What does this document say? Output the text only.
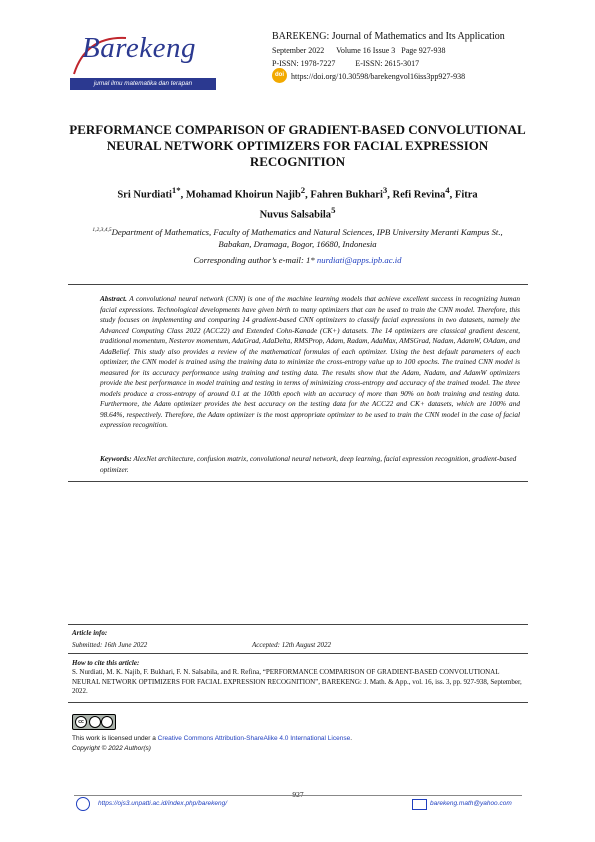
Barekeng
jurnal ilmu matematika dan terapan
BAREKENG: Journal of Mathematics and Its Application
September 2022      Volume 16 Issue 3   Page 927-938
P-ISSN: 1978-7227          E-ISSN: 2615-3017
doi https://doi.org/10.30598/barekengvol16iss3pp927-938
PERFORMANCE COMPARISON OF GRADIENT-BASED CONVOLUTIONAL NEURAL NETWORK OPTIMIZERS FOR FACIAL EXPRESSION RECOGNITION
Sri Nurdiati$^{1*}$, Mohamad Khoirun Najib$^2$, Fahren Bukhari$^3$, Refi Revina$^4$, Fitra
Nuvus Salsabila$^5$
$^{1,2,3,4,5}$Department of Mathematics, Faculty of Mathematics and Natural Sciences, IPB University Meranti Kampus St., Babakan, Dramaga, Bogor, 16680, Indonesia
Corresponding author’s e-mail: 1* nurdiati@apps.ipb.ac.id
Abstract. A convolutional neural network (CNN) is one of the machine learning models that achieve excellent success in recognizing human facial expressions. Technological developments have given birth to many optimizers that can be used to train the CNN model. Therefore, this study focuses on implementing and comparing 14 gradient-based CNN optimizers to classify facial expressions in two datasets, namely the Advanced Computing Class 2022 (ACC22) and Extended Cohn-Kanade (CK+) datasets. The 14 optimizers are classical gradient descent, traditional momentum, Nesterov momentum, AdaGrad, AdaDelta, RMSProp, Adam, Radam, AdaMax, AMSGrad, Nadam, AdamW, OAdam, and AdaBelief. This study also provides a review of the mathematical formulas of each optimizer. Using the best default parameters of each optimizer, the CNN model is trained using the training data to minimize the cross-entropy value up to 100 epochs. The trained CNN model is measured for its accuracy performance using training and testing data. The results show that the Adam, Nadam, and AdamW optimizers provide the best performance in model training and testing in terms of minimizing cross-entropy and accuracy of the trained model. The three models produce a cross-entropy of around 0.1 at the 100th epoch with an accuracy of more than 90% on both training and testing data. Furthermore, the Adam optimizer provides the best accuracy on the testing data for the ACC22 and CK+ datasets, which are 100% and 98.64%, respectively. Therefore, the Adam optimizer is the most appropriate optimizer to be used to train the CNN model in the case of facial expression recognition.
Keywords: AlexNet architecture, confusion matrix, convolutional neural network, deep learning, facial expression recognition, gradient-based optimizer.
Article info:
Submitted: 16th June 2022	Accepted: 12th August 2022
How to cite this article:
S. Nurdiati, M. K. Najib, F. Bukhari, F. N. Salsabila, and R. Refina, “PERFORMANCE COMPARISON OF GRADIENT-BASED CONVOLUTIONAL NEURAL NETWORK OPTIMIZERS FOR FACIAL EXPRESSION RECOGNITION”, BAREKENG: J. Math. & App., vol. 16, iss. 3, pp. 927-938, September, 2022.
cc
This work is licensed under a Creative Commons Attribution-ShareAlike 4.0 International License.
Copyright © 2022 Author(s)
927
https://ojs3.unpatti.ac.id/index.php/barekeng/	barekeng.math@yahoo.com
